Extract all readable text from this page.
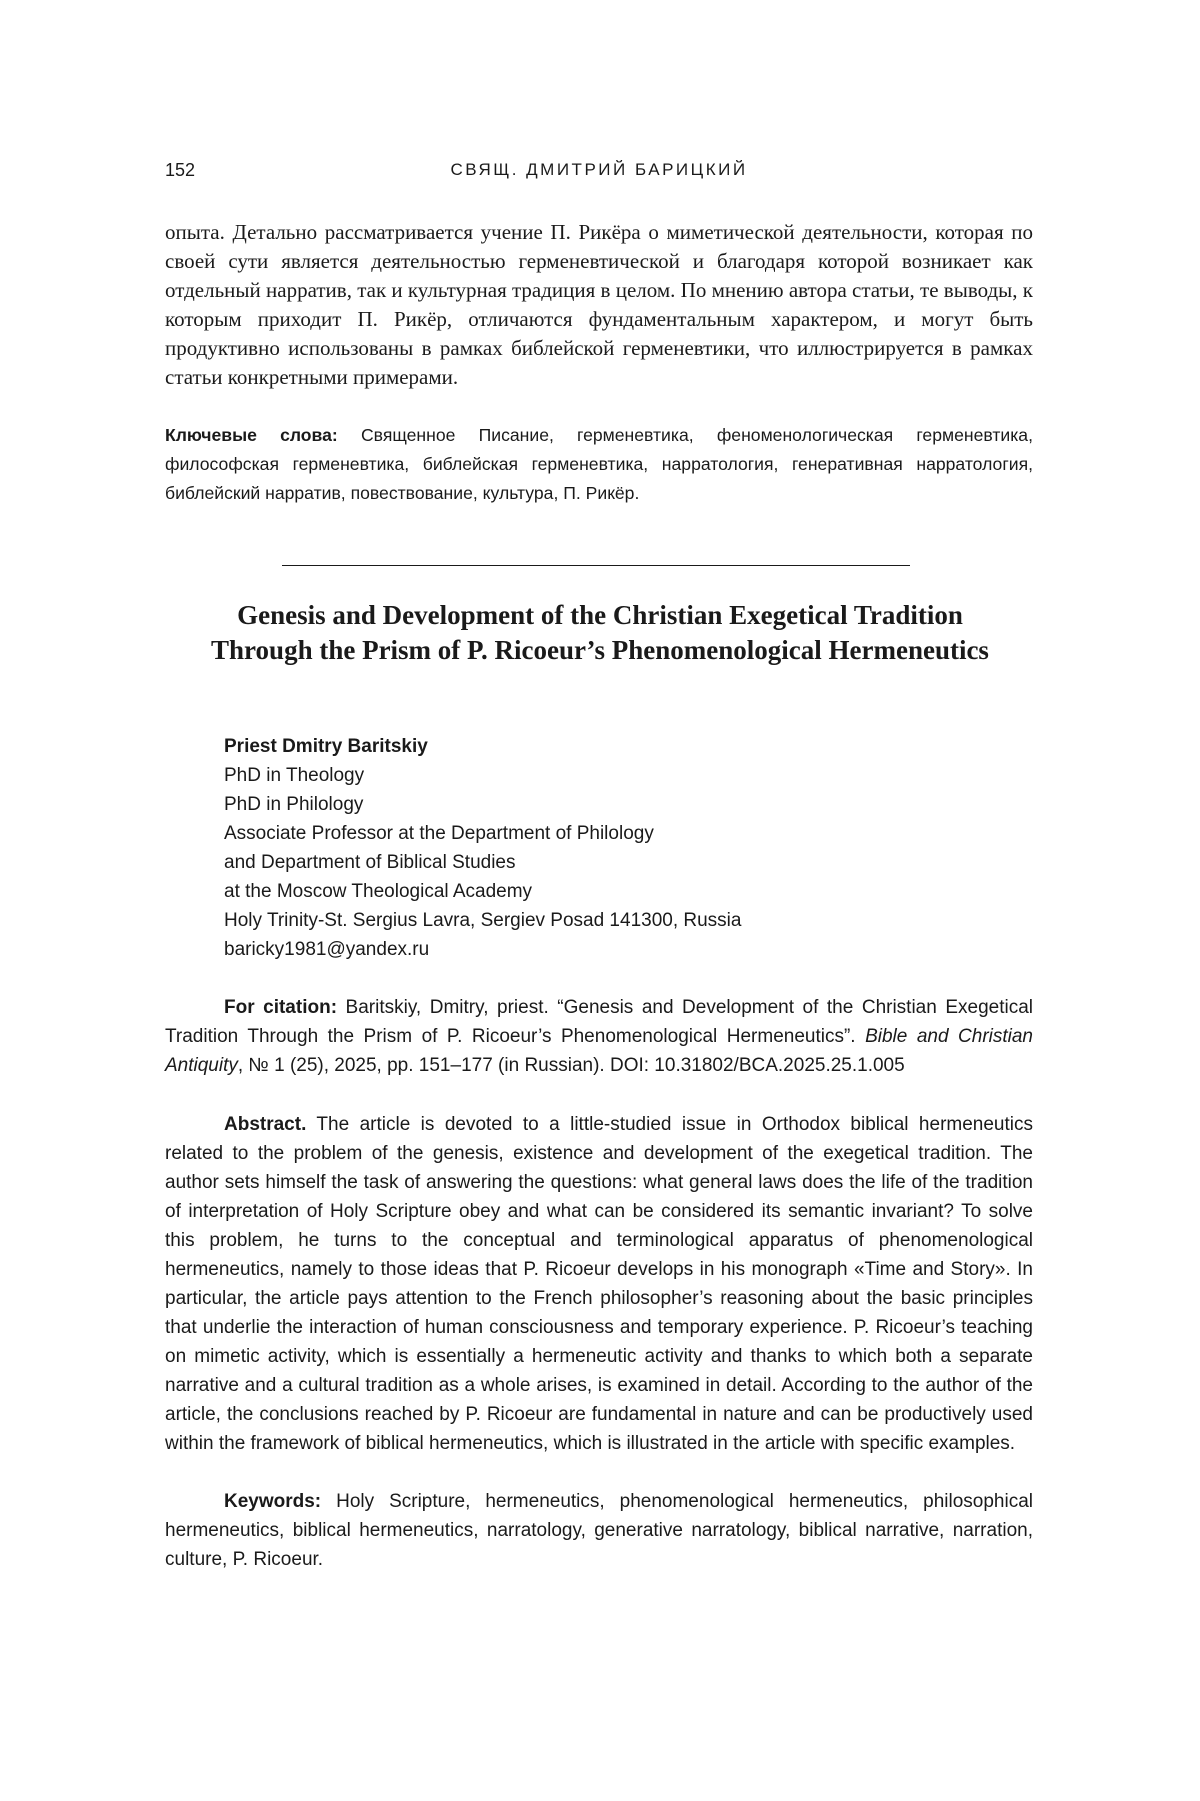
152	СВЯЩ. ДМИТРИЙ БАРИЦКИЙ

опыта. Детально рассматривается учение П. Рикёра о миметической деятельности, которая по своей сути является деятельностью герменевтической и благодаря которой возникает как отдельный нарратив, так и культурная традиция в целом. По мнению автора статьи, те выводы, к которым приходит П. Рикёр, отличаются фундаментальным характером, и могут быть продуктивно использованы в рамках библейской герменевтики, что иллюстрируется в рамках статьи конкретными примерами.

Ключевые слова: Священное Писание, герменевтика, феноменологическая герменевтика, философская герменевтика, библейская герменевтика, нарратология, генеративная нарратология, библейский нарратив, повествование, культура, П. Рикёр.

Genesis and Development of the Christian Exegetical Tradition Through the Prism of P. Ricoeur’s Phenomenological Hermeneutics
Priest Dmitry Baritskiy
PhD in Theology
PhD in Philology
Associate Professor at the Department of Philology
and Department of Biblical Studies
at the Moscow Theological Academy
Holy Trinity-St. Sergius Lavra, Sergiev Posad 141300, Russia
baricky1981@yandex.ru

For citation: Baritskiy, Dmitry, priest. “Genesis and Development of the Christian Exegetical Tradition Through the Prism of P. Ricoeur’s Phenomenological Hermeneutics”. Bible and Christian Antiquity, № 1 (25), 2025, pp. 151–177 (in Russian). DOI: 10.31802/BCA.2025.25.1.005

Abstract. The article is devoted to a little-studied issue in Orthodox biblical hermeneutics related to the problem of the genesis, existence and development of the exegetical tradition. The author sets himself the task of answering the questions: what general laws does the life of the tradition of interpretation of Holy Scripture obey and what can be considered its semantic invariant? To solve this problem, he turns to the conceptual and terminological apparatus of phenomenological hermeneutics, namely to those ideas that P. Ricoeur develops in his monograph «Time and Story». In particular, the article pays attention to the French philosopher’s reasoning about the basic principles that underlie the interaction of human consciousness and temporary experience. P. Ricoeur’s teaching on mimetic activity, which is essentially a hermeneutic activity and thanks to which both a separate narrative and a cultural tradition as a whole arises, is examined in detail. According to the author of the article, the conclusions reached by P. Ricoeur are fundamental in nature and can be productively used within the framework of biblical hermeneutics, which is illustrated in the article with specific examples.

Keywords: Holy Scripture, hermeneutics, phenomenological hermeneutics, philosophical hermeneutics, biblical hermeneutics, narratology, generative narratology, biblical narrative, narration, culture, P. Ricoeur.
